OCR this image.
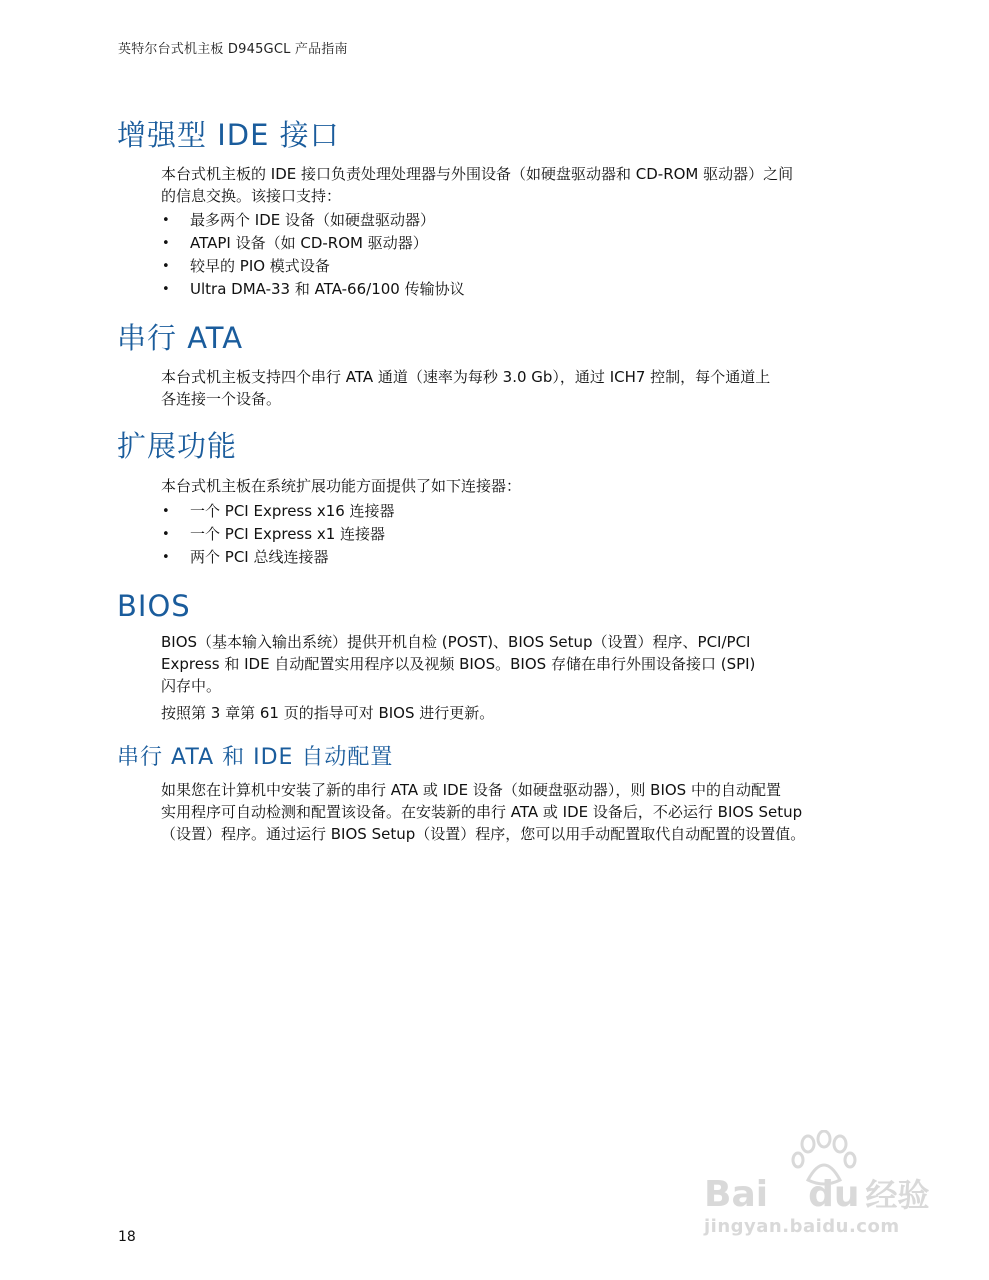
英特尔台式机主板 D945GCL 产品指南
增强型 IDE 接口
本台式机主板的 IDE 接口负责处理处理器与外围设备（如硬盘驱动器和 CD-ROM 驱动器）之间
的信息交换。该接口支持：
• 最多两个 IDE 设备（如硬盘驱动器）
• ATAPI 设备（如 CD-ROM 驱动器）
• 较早的 PIO 模式设备
• Ultra DMA-33 和 ATA-66/100 传输协议
串行 ATA
本台式机主板支持四个串行 ATA 通道（速率为每秒 3.0 Gb），通过 ICH7 控制，每个通道上
各连接一个设备。
扩展功能
本台式机主板在系统扩展功能方面提供了如下连接器：
• 一个 PCI Express x16 连接器
• 一个 PCI Express x1 连接器
• 两个 PCI 总线连接器
BIOS
BIOS（基本输入输出系统）提供开机自检 (POST)、BIOS Setup（设置）程序、PCI/PCI
Express 和 IDE 自动配置实用程序以及视频 BIOS。BIOS 存储在串行外围设备接口 (SPI)
闪存中。
按照第 3 章第 61 页的指导可对 BIOS 进行更新。
串行 ATA 和 IDE 自动配置
如果您在计算机中安装了新的串行 ATA 或 IDE 设备（如硬盘驱动器），则 BIOS 中的自动配置
实用程序可自动检测和配置该设备。在安装新的串行 ATA 或 IDE 设备后，不必运行 BIOS Setup
（设置）程序。通过运行 BIOS Setup（设置）程序，您可以用手动配置取代自动配置的设置值。
18
Bai du 经验
jingyan.baidu.com
